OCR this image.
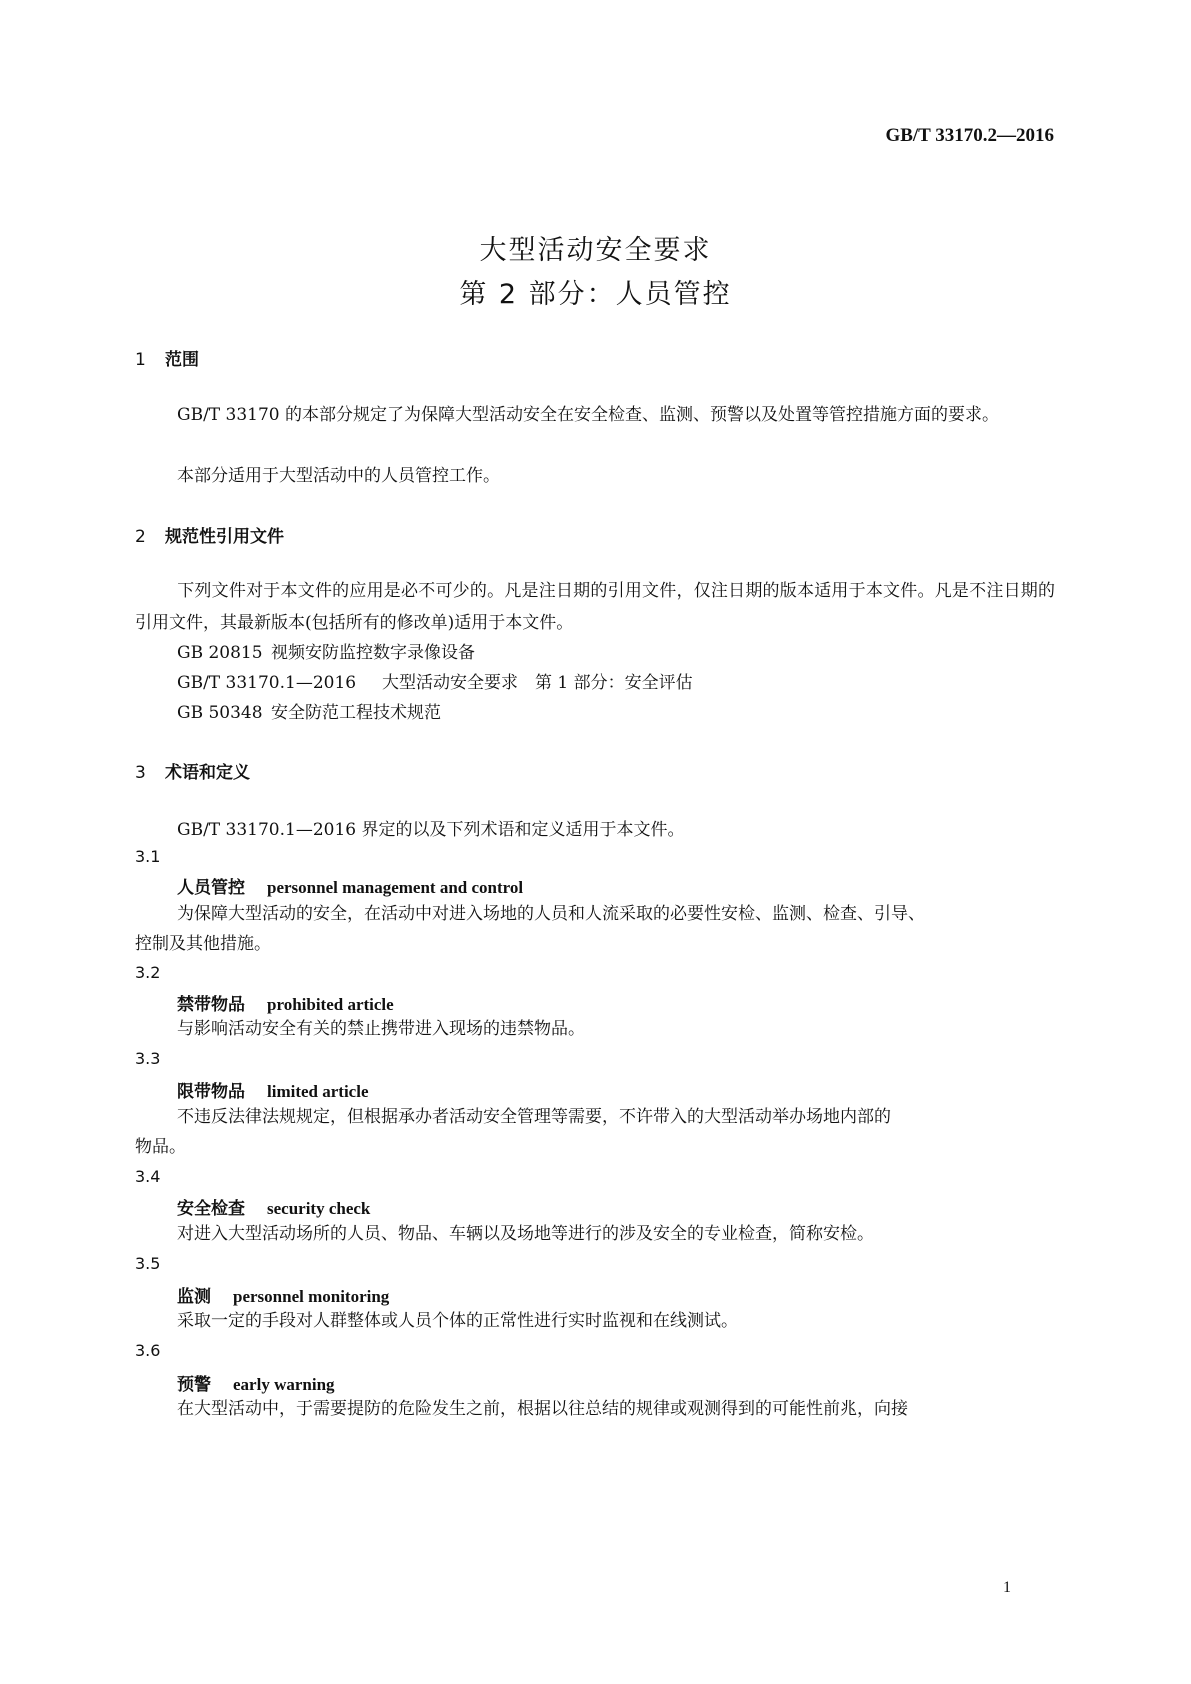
GB/T 33170.2—2016
大型活动安全要求
第 2 部分：人员管控
1 范围
GB/T 33170 的本部分规定了为保障大型活动安全在安全检查、监测、预警以及处置等管控措施方面的要求。
本部分适用于大型活动中的人员管控工作。
2 规范性引用文件
下列文件对于本文件的应用是必不可少的。凡是注日期的引用文件，仅注日期的版本适用于本文件。凡是不注日期的引用文件，其最新版本(包括所有的修改单)适用于本文件。
GB 20815 视频安防监控数字录像设备
GB/T 33170.1—2016 大型活动安全要求　第 1 部分：安全评估
GB 50348 安全防范工程技术规范
3 术语和定义
GB/T 33170.1—2016 界定的以及下列术语和定义适用于本文件。
3.1
人员管控 personnel management and control
为保障大型活动的安全，在活动中对进入场地的人员和人流采取的必要性安检、监测、检查、引导、
控制及其他措施。
3.2
禁带物品 prohibited article
与影响活动安全有关的禁止携带进入现场的违禁物品。
3.3
限带物品 limited article
不违反法律法规规定，但根据承办者活动安全管理等需要，不许带入的大型活动举办场地内部的
物品。
3.4
安全检查 security check
对进入大型活动场所的人员、物品、车辆以及场地等进行的涉及安全的专业检查，简称安检。
3.5
监测 personnel monitoring
采取一定的手段对人群整体或人员个体的正常性进行实时监视和在线测试。
3.6
预警 early warning
在大型活动中，于需要提防的危险发生之前，根据以往总结的规律或观测得到的可能性前兆，向接
1
